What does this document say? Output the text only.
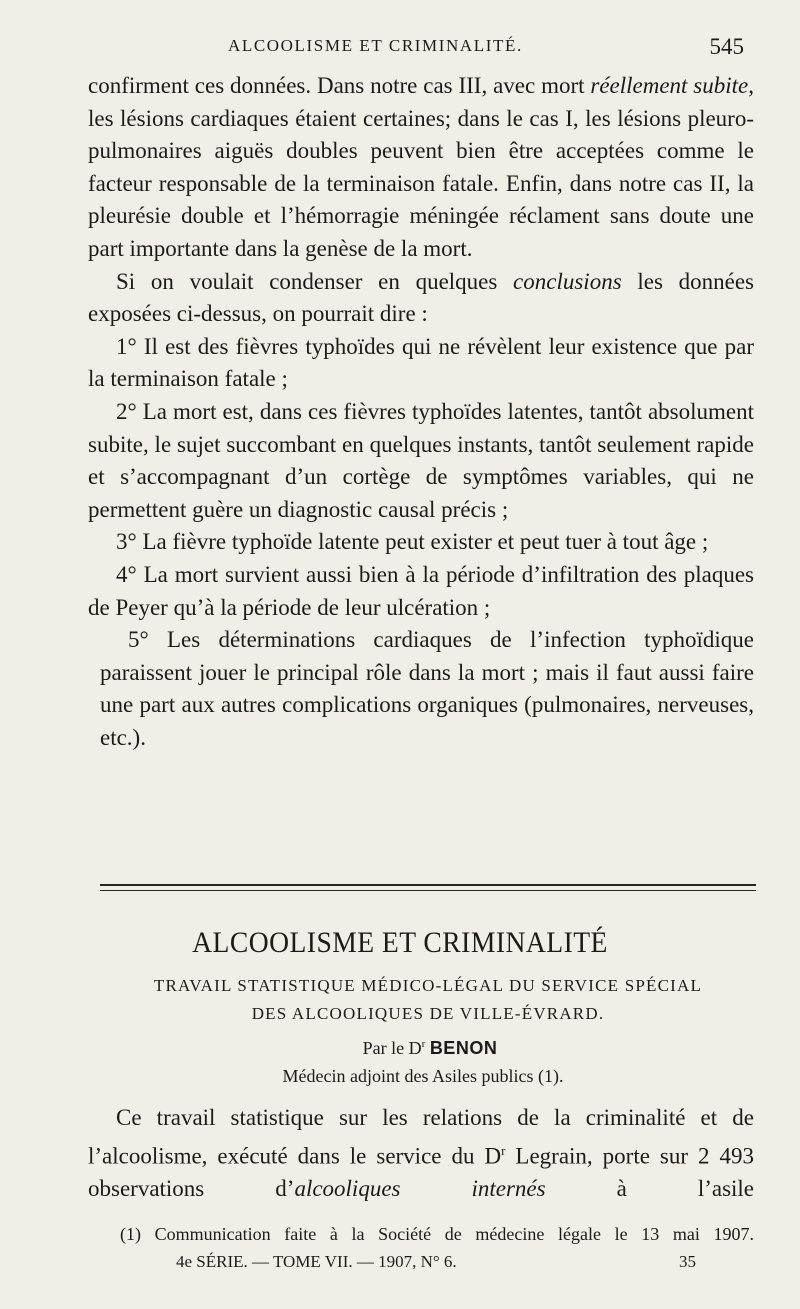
ALCOOLISME ET CRIMINALITÉ.	545

confirment ces données. Dans notre cas III, avec mort réellement subite, les lésions cardiaques étaient certaines; dans le cas I, les lésions pleuro-pulmonaires aiguës doubles peuvent bien être acceptées comme le facteur responsable de la terminaison fatale. Enfin, dans notre cas II, la pleurésie double et l’hémorragie méningée réclament sans doute une part importante dans la genèse de la mort.

Si on voulait condenser en quelques conclusions les données exposées ci-dessus, on pourrait dire :

1° Il est des fièvres typhoïdes qui ne révèlent leur existence que par la terminaison fatale ;

2° La mort est, dans ces fièvres typhoïdes latentes, tantôt absolument subite, le sujet succombant en quelques instants, tantôt seulement rapide et s’accompagnant d’un cortège de symptômes variables, qui ne permettent guère un diagnostic causal précis ;

3° La fièvre typhoïde latente peut exister et peut tuer à tout âge ;

4° La mort survient aussi bien à la période d’infiltration des plaques de Peyer qu’à la période de leur ulcération ;

5° Les déterminations cardiaques de l’infection typhoïdique paraissent jouer le principal rôle dans la mort ; mais il faut aussi faire une part aux autres complications organiques (pulmonaires, nerveuses, etc.).

ALCOOLISME ET CRIMINALITÉ
TRAVAIL STATISTIQUE MÉDICO-LÉGAL DU SERVICE SPÉCIAL
DES ALCOOLIQUES DE VILLE-ÉVRARD.
Par le $D^r$ BENON
Médecin adjoint des Asiles publics (1).

Ce travail statistique sur les relations de la criminalité et de l’alcoolisme, exécuté dans le service du $D^r$ Legrain, porte sur 2 493 observations d’alcooliques internés à l’asile

(1) Communication faite à la Société de médecine légale le 13 mai 1907.
4e SÉRIE. — TOME VII. — 1907, N° 6.	35
